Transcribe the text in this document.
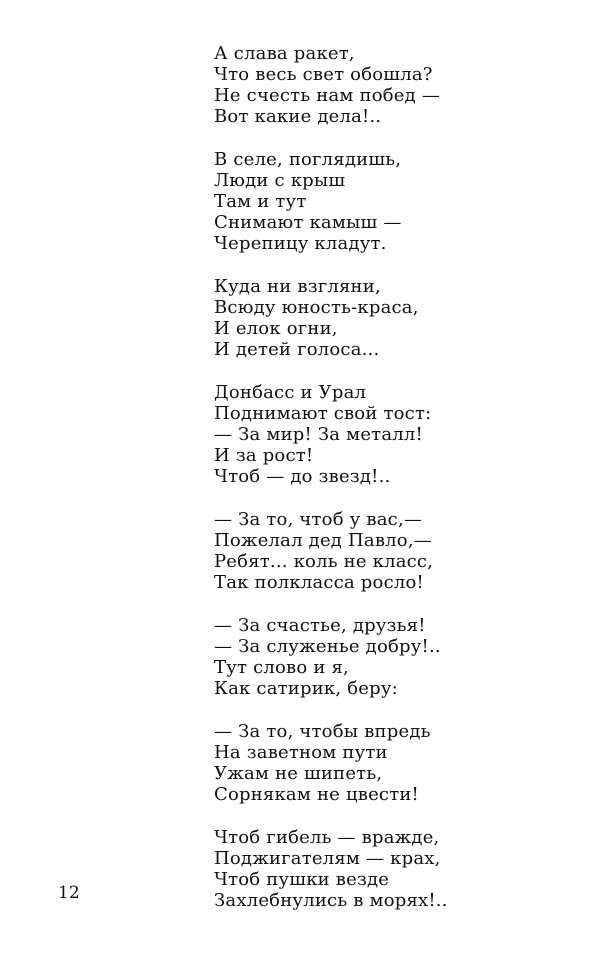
А слава ракет,
Что весь свет обошла?
Не счесть нам побед —
Вот какие дела!..
В селе, поглядишь,
Люди с крыш
Там и тут
Снимают камыш —
Черепицу кладут.
Куда ни взгляни,
Всюду юность-краса,
И елок огни,
И детей голоса...
Донбасс и Урал
Поднимают свой тост:
— За мир! За металл!
И за рост!
Чтоб — до звезд!..
— За то, чтоб у вас,—
Пожелал дед Павло,—
Ребят... коль не класс,
Так полкласса росло!
— За счастье, друзья!
— За служенье добру!..
Тут слово и я,
Как сатирик, беру:
— За то, чтобы впредь
На заветном пути
Ужам не шипеть,
Сорнякам не цвести!
Чтоб гибель — вражде,
Поджигателям — крах,
Чтоб пушки везде
Захлебнулись в морях!..
12
